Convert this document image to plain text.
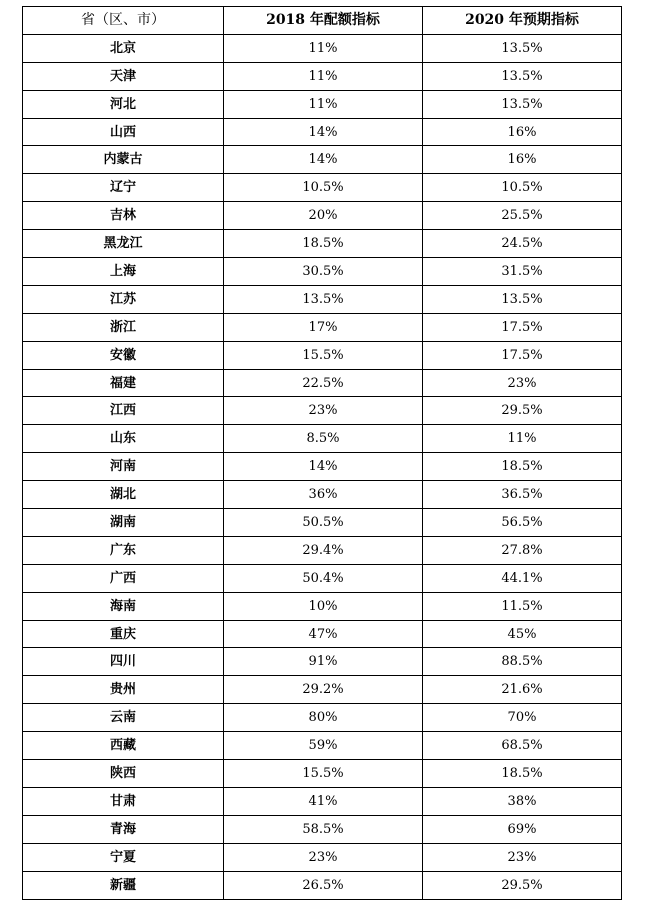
省（区、市）	2018 年配额指标	2020 年预期指标
北京	11%	13.5%
天津	11%	13.5%
河北	11%	13.5%
山西	14%	16%
内蒙古	14%	16%
辽宁	10.5%	10.5%
吉林	20%	25.5%
黑龙江	18.5%	24.5%
上海	30.5%	31.5%
江苏	13.5%	13.5%
浙江	17%	17.5%
安徽	15.5%	17.5%
福建	22.5%	23%
江西	23%	29.5%
山东	8.5%	11%
河南	14%	18.5%
湖北	36%	36.5%
湖南	50.5%	56.5%
广东	29.4%	27.8%
广西	50.4%	44.1%
海南	10%	11.5%
重庆	47%	45%
四川	91%	88.5%
贵州	29.2%	21.6%
云南	80%	70%
西藏	59%	68.5%
陕西	15.5%	18.5%
甘肃	41%	38%
青海	58.5%	69%
宁夏	23%	23%
新疆	26.5%	29.5%
